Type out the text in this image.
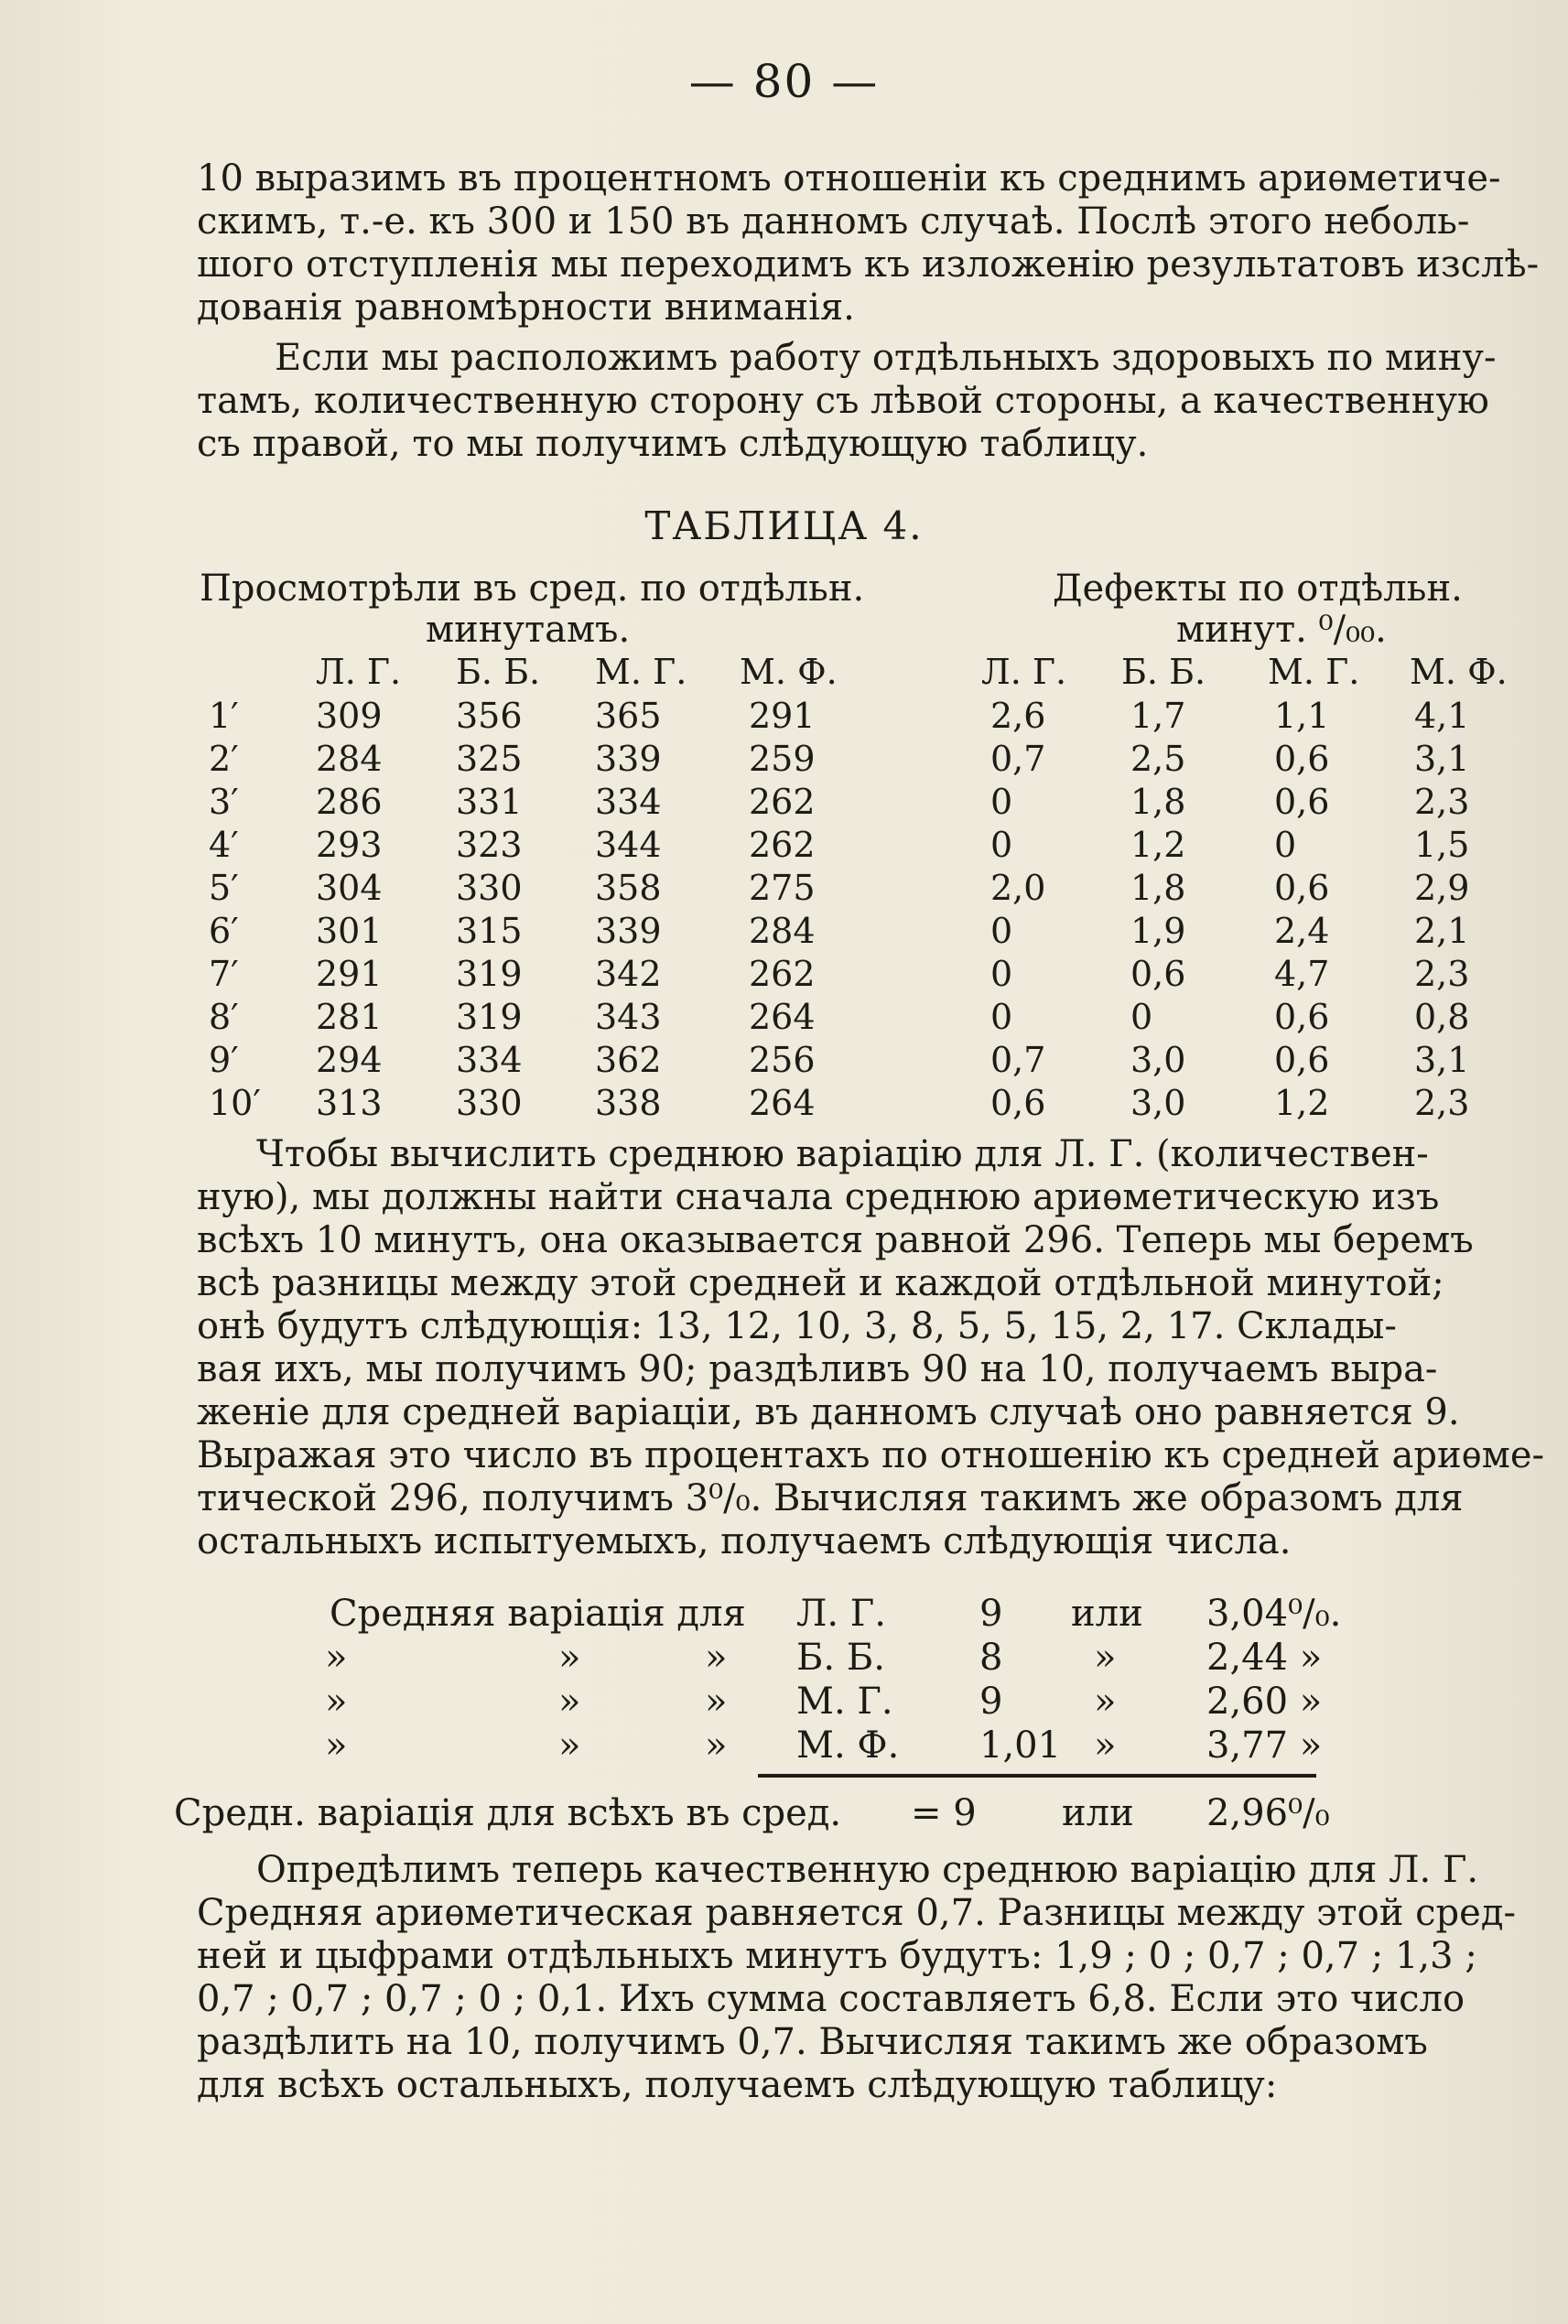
— 80 —
10 выразимъ въ процентномъ отношеніи къ среднимъ ариѳметиче-
скимъ, т.-е. къ 300 и 150 въ данномъ случаѣ. Послѣ этого неболь-
шого отступленія мы переходимъ къ изложенію результатовъ изслѣ-
дованія равномѣрности вниманія.
Если мы расположимъ работу отдѣльныхъ здоровыхъ по мину-
тамъ, количественную сторону съ лѣвой стороны, а качественную
съ правой, то мы получимъ слѣдующую таблицу.
ТАБЛИЦА 4.
Просмотрѣли въ сред. по отдѣльн.
минутамъ.
Дефекты по отдѣльн.
минут. ⁰/₀₀.
Л. Г. Б. Б. М. Г. М. Ф.	Л. Г. Б. Б. М. Г. М. Ф.
1′ 309 356 365	291	2,6 1,7	1,1 4,1
2′ 284 325 339	259	0,7 2,5	0,6 3,1
3′ 286 331 334	262	0	1,8	0,6 2,3
4′ 293 323 344	262	0	1,2	0	1,5
5′ 304 330 358	275	2,0 1,8	0,6 2,9
6′ 301 315 339	284	0	1,9	2,4 2,1
7′ 291 319 342	262	0	0,6	4,7 2,3
8′ 281 319 343	264	0	0	0,6 0,8
9′ 294 334 362	256	0,7 3,0	0,6 3,1
10′ 313 330 338	264	0,6 3,0	1,2 2,3
Чтобы вычислить среднюю варіацію для Л. Г. (количествен-
ную), мы должны найти сначала среднюю ариѳметическую изъ
всѣхъ 10 минутъ, она оказывается равной 296. Теперь мы беремъ
всѣ разницы между этой средней и каждой отдѣльной минутой;
онѣ будутъ слѣдующія: 13, 12, 10, 3, 8, 5, 5, 15, 2, 17. Склады-
вая ихъ, мы получимъ 90; раздѣливъ 90 на 10, получаемъ выра-
женіе для средней варіаціи, въ данномъ случаѣ оно равняется 9.
Выражая это число въ процентахъ по отношенію къ средней ариѳме-
тической 296, получимъ 3⁰/₀. Вычисляя такимъ же образомъ для
остальныхъ испытуемыхъ, получаемъ слѣдующія числа.
Средняя варіація для Л. Г.	9 или 3,04⁰/₀.
»	»	» Б. Б.	8 » 2,44 »
»	»	» М. Г. 9 » 2,60 »
»	»	» М. Ф. 1,01 » 3,77 »
Средн. варіація для всѣхъ въ сред. = 9 или 2,96⁰/₀
Опредѣлимъ теперь качественную среднюю варіацію для Л. Г.
Средняя ариѳметическая равняется 0,7. Разницы между этой сред-
ней и цыфрами отдѣльныхъ минутъ будутъ: 1,9 ; 0 ; 0,7 ; 0,7 ; 1,3 ;
0,7 ; 0,7 ; 0,7 ; 0 ; 0,1. Ихъ сумма составляетъ 6,8. Если это число
раздѣлить на 10, получимъ 0,7. Вычисляя такимъ же образомъ
для всѣхъ остальныхъ, получаемъ слѣдующую таблицу:
